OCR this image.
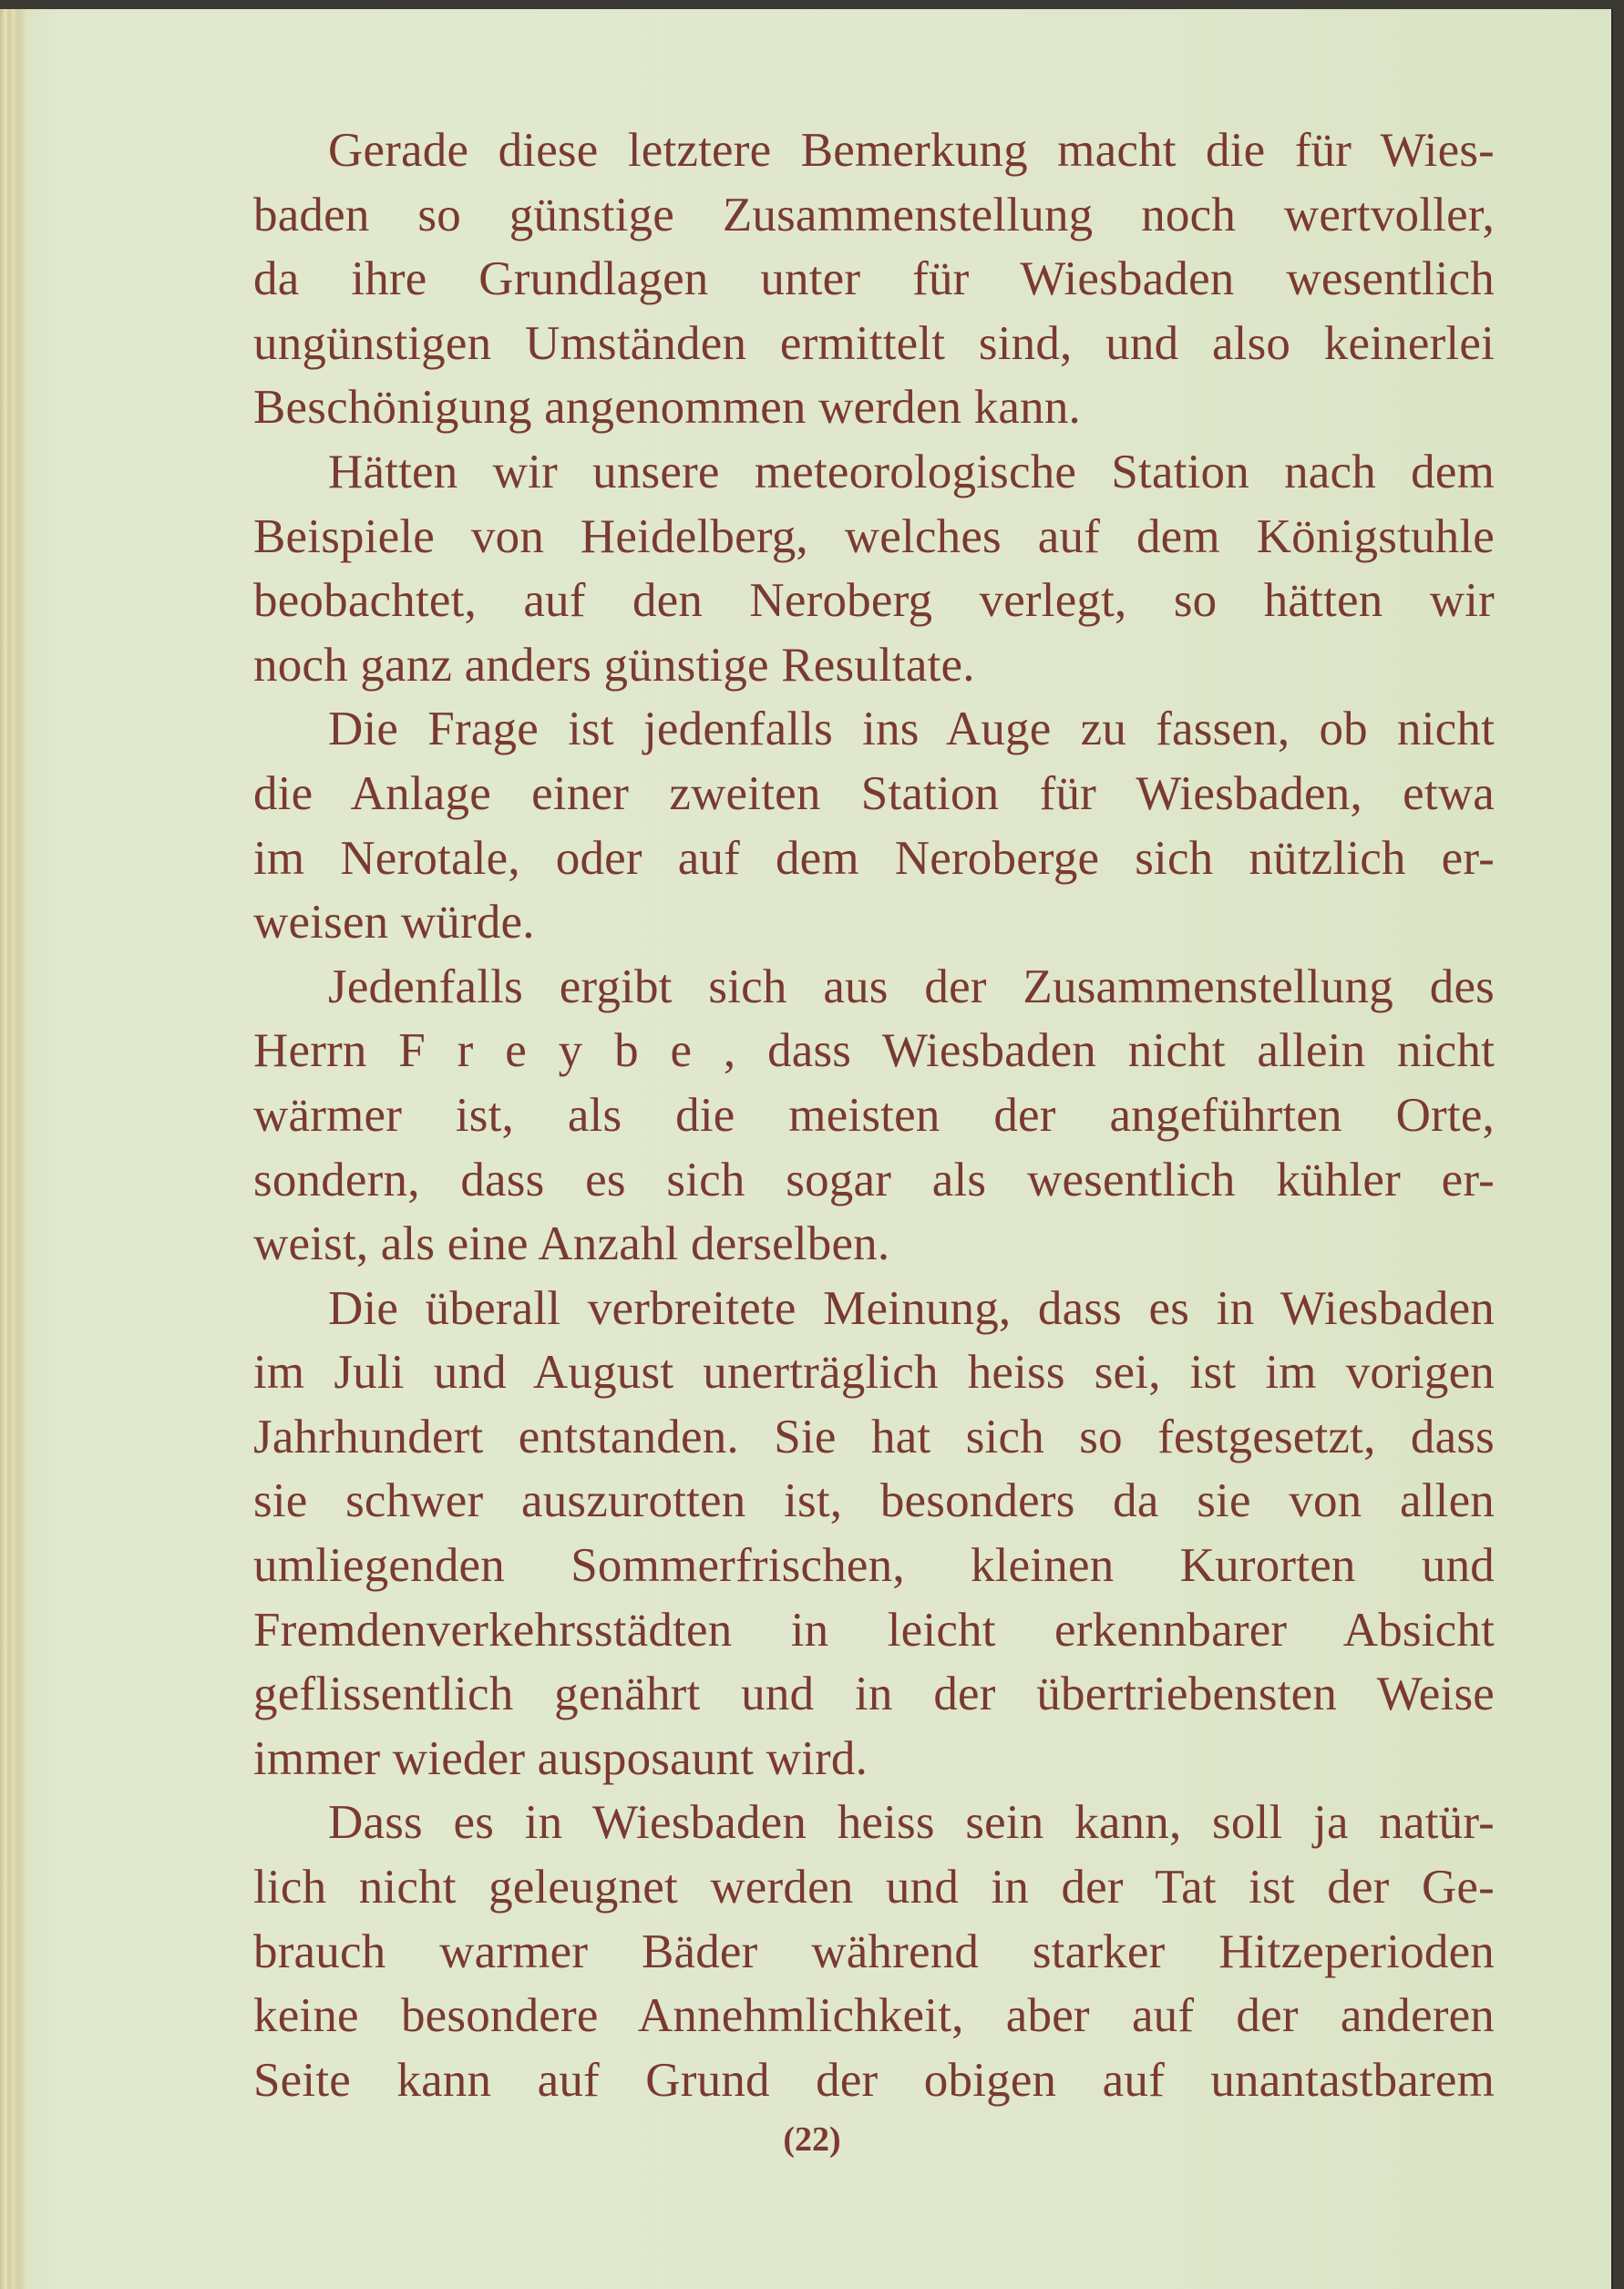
Gerade diese letztere Bemerkung macht die für Wies-
baden so günstige Zusammenstellung noch wertvoller,
da ihre Grundlagen unter für Wiesbaden wesentlich
ungünstigen Umständen ermittelt sind, und also keinerlei
Beschönigung angenommen werden kann.
Hätten wir unsere meteorologische Station nach dem
Beispiele von Heidelberg, welches auf dem Königstuhle
beobachtet, auf den Neroberg verlegt, so hätten wir
noch ganz anders günstige Resultate.
Die Frage ist jedenfalls ins Auge zu fassen, ob nicht
die Anlage einer zweiten Station für Wiesbaden, etwa
im Nerotale, oder auf dem Neroberge sich nützlich er-
weisen würde.
Jedenfalls ergibt sich aus der Zusammenstellung des
Herrn F r e y b e , dass Wiesbaden nicht allein nicht
wärmer ist, als die meisten der angeführten Orte,
sondern, dass es sich sogar als wesentlich kühler er-
weist, als eine Anzahl derselben.
Die überall verbreitete Meinung, dass es in Wiesbaden
im Juli und August unerträglich heiss sei, ist im vorigen
Jahrhundert entstanden. Sie hat sich so festgesetzt, dass
sie schwer auszurotten ist, besonders da sie von allen
umliegenden Sommerfrischen, kleinen Kurorten und
Fremdenverkehrsstädten in leicht erkennbarer Absicht
geflissentlich genährt und in der übertriebensten Weise
immer wieder ausposaunt wird.
Dass es in Wiesbaden heiss sein kann, soll ja natür-
lich nicht geleugnet werden und in der Tat ist der Ge-
brauch warmer Bäder während starker Hitzeperioden
keine besondere Annehmlichkeit, aber auf der anderen
Seite kann auf Grund der obigen auf unantastbarem
(22)
